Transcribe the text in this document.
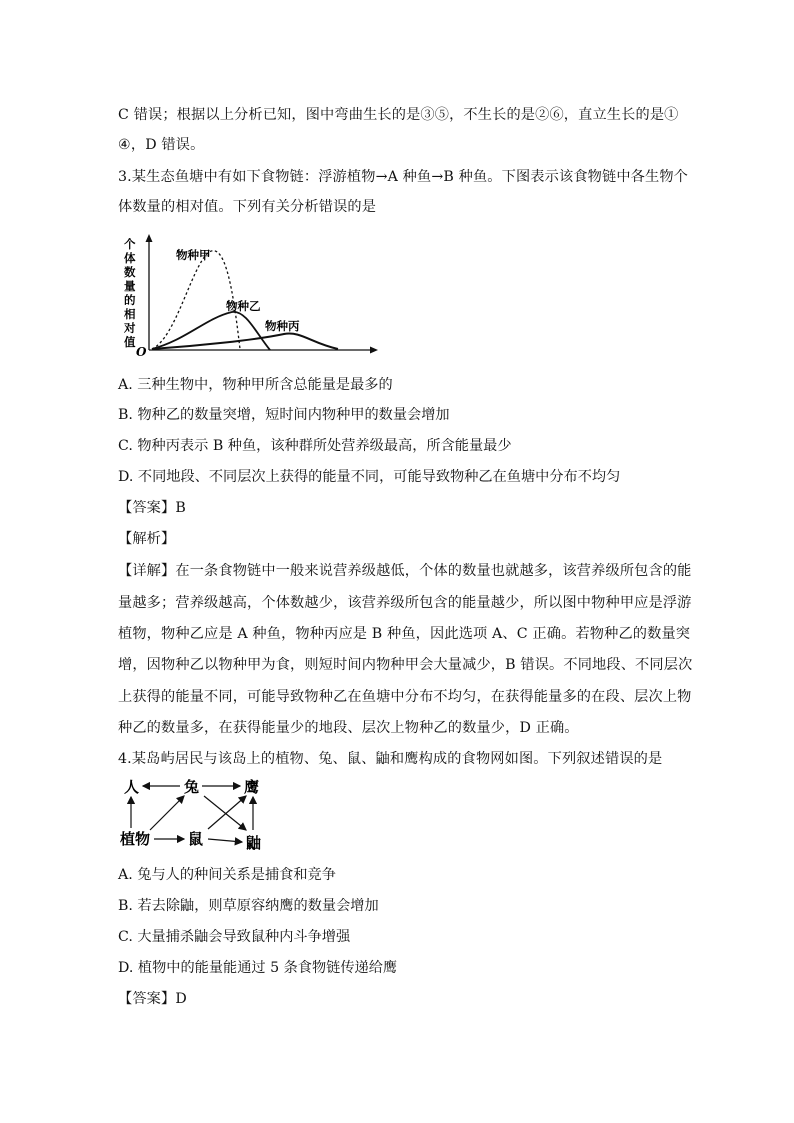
C 错误；根据以上分析已知，图中弯曲生长的是③⑤，不生长的是②⑥，直立生长的是①
④，D 错误。
3.某生态鱼塘中有如下食物链：浮游植物→A 种鱼→B 种鱼。下图表示该食物链中各生物个
体数量的相对值。下列有关分析错误的是
个
体
数
量
的
相
对
值
O
物种甲
物种乙
物种丙
A. 三种生物中，物种甲所含总能量是最多的
B. 物种乙的数量突增，短时间内物种甲的数量会增加
C. 物种丙表示 B 种鱼，该种群所处营养级最高，所含能量最少
D. 不同地段、不同层次上获得的能量不同，可能导致物种乙在鱼塘中分布不均匀
【答案】B
【解析】
【详解】在一条食物链中一般来说营养级越低，个体的数量也就越多，该营养级所包含的能
量越多；营养级越高，个体数越少，该营养级所包含的能量越少，所以图中物种甲应是浮游
植物，物种乙应是 A 种鱼，物种丙应是 B 种鱼，因此选项 A、C 正确。若物种乙的数量突
增，因物种乙以物种甲为食，则短时间内物种甲会大量减少，B 错误。不同地段、不同层次
上获得的能量不同，可能导致物种乙在鱼塘中分布不均匀，在获得能量多的在段、层次上物
种乙的数量多，在获得能量少的地段、层次上物种乙的数量少，D 正确。
4.某岛屿居民与该岛上的植物、兔、鼠、鼬和鹰构成的食物网如图。下列叙述错误的是
人	兔	鹰
植物	鼠	鼬
A. 兔与人的种间关系是捕食和竞争
B. 若去除鼬，则草原容纳鹰的数量会增加
C. 大量捕杀鼬会导致鼠种内斗争增强
D. 植物中的能量能通过 5 条食物链传递给鹰
【答案】D
